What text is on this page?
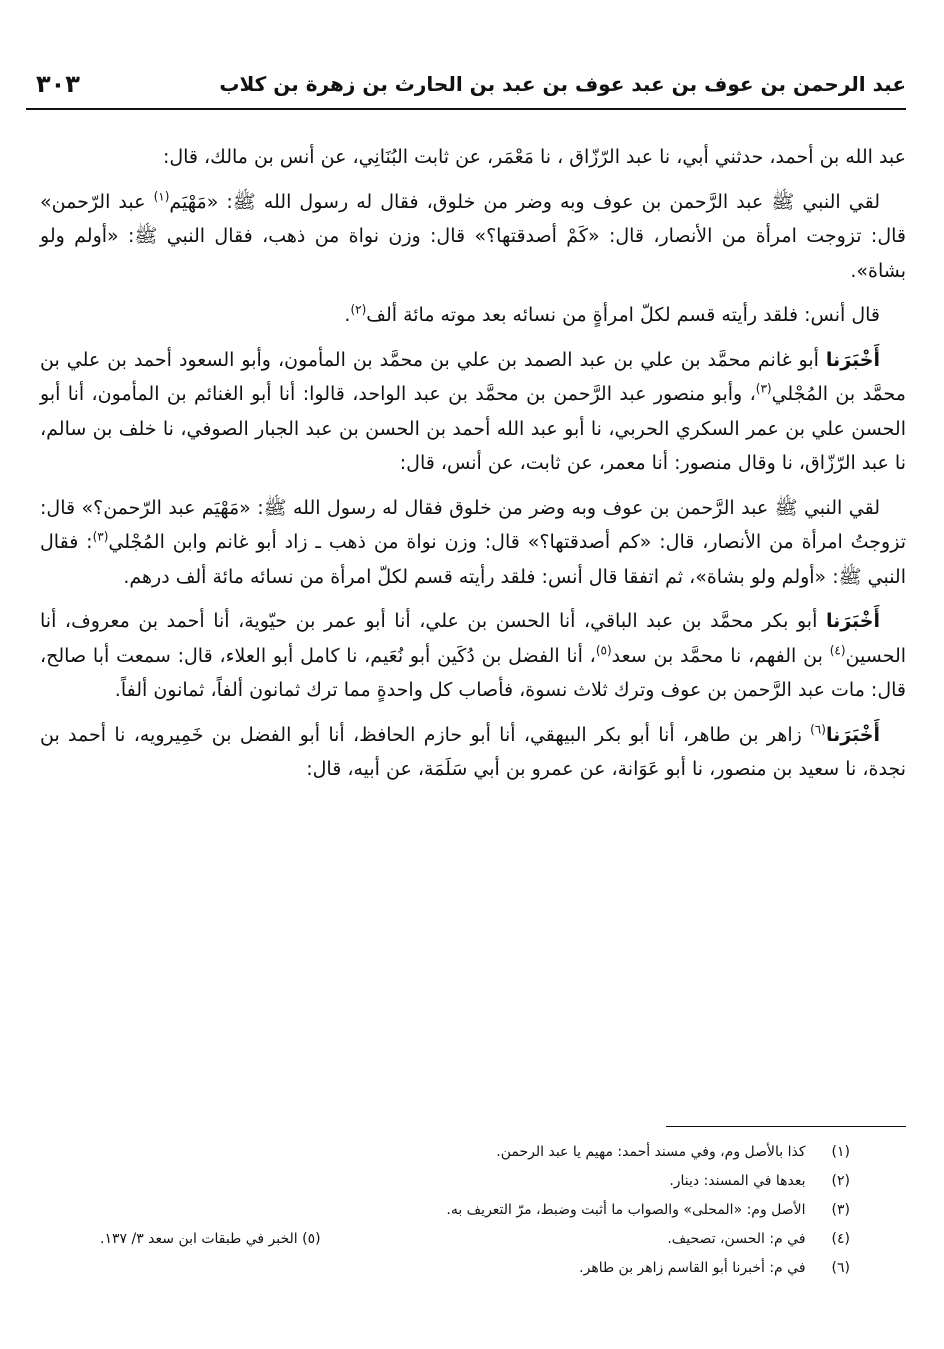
عبد الرحمن بن عوف بن عبد عوف بن عبد بن الحارث بن زهرة بن كلاب
٣٠٣

عبد الله بن أحمد، حدثني أبي، نا عبد الرّزّاق ، نا مَعْمَر، عن ثابت البُنَانِي، عن أنس بن مالك، قال:

لقي النبي ﷺ عبد الرَّحمن بن عوف وبه وضر من خلوق، فقال له رسول الله ﷺ: «مَهْيَم$^{(١)}$ عبد الرّحمن» قال: تزوجت امرأة من الأنصار، قال: «كَمْ أصدقتها؟» قال: وزن نواة من ذهب، فقال النبي ﷺ: «أولم ولو بشاة».

قال أنس: فلقد رأيته قسم لكلّ امرأةٍ من نسائه بعد موته مائة ألف$^{(٢)}$.

أَخْبَرَنا أبو غانم محمَّد بن علي بن عبد الصمد بن علي بن محمَّد بن المأمون، وأبو السعود أحمد بن علي بن محمَّد بن المُجْلي$^{(٣)}$، وأبو منصور عبد الرَّحمن بن محمَّد بن عبد الواحد، قالوا: أنا أبو الغنائم بن المأمون، أنا أبو الحسن علي بن عمر السكري الحربي، نا أبو عبد الله أحمد بن الحسن بن عبد الجبار الصوفي، نا خلف بن سالم، نا عبد الرّزّاق، نا وقال منصور: أنا معمر، عن ثابت، عن أنس، قال:

لقي النبي ﷺ عبد الرَّحمن بن عوف وبه وضر من خلوق فقال له رسول الله ﷺ: «مَهْيَم عبد الرّحمن؟» قال: تزوجتُ امرأة من الأنصار، قال: «كم أصدقتها؟» قال: وزن نواة من ذهب ـ زاد أبو غانم وابن المُجْلي$^{(٣)}$: فقال النبي ﷺ: «أولم ولو بشاة»، ثم اتفقا قال أنس: فلقد رأيته قسم لكلّ امرأة من نسائه مائة ألف درهم.

أَخْبَرَنا أبو بكر محمَّد بن عبد الباقي، أنا الحسن بن علي، أنا أبو عمر بن حيّوية، أنا أحمد بن معروف، أنا الحسين$^{(٤)}$ بن الفهم، نا محمَّد بن سعد$^{(٥)}$، أنا الفضل بن دُكَين أبو نُعَيم، نا كامل أبو العلاء، قال: سمعت أبا صالح، قال: مات عبد الرَّحمن بن عوف وترك ثلاث نسوة، فأصاب كل واحدةٍ مما ترك ثمانون ألفاً، ثمانون ألفاً.

أَخْبَرَنا$^{(٦)}$ زاهر بن طاهر، أنا أبو بكر البيهقي، أنا أبو حازم الحافظ، أنا أبو الفضل بن خَمِيرويه، نا أحمد بن نجدة، نا سعيد بن منصور، نا أبو عَوَانة، عن عمرو بن أبي سَلَمَة، عن أبيه، قال:

(١) كذا بالأصل وم، وفي مسند أحمد: مهيم يا عبد الرحمن.
(٢) بعدها في المسند: دينار.
(٣) الأصل وم: «المحلى» والصواب ما أثبت وضبط، مرّ التعريف به.
(٤) في م: الحسن، تصحيف.
(٥) الخبر في طبقات ابن سعد ٣/ ١٣٧.
(٦) في م: أخبرنا أبو القاسم زاهر بن طاهر.
